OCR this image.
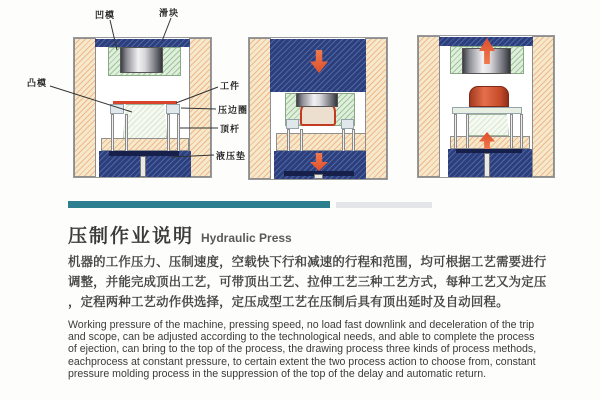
凹模	滑块
凸模	工件
压边圈
顶杆
液压垫
压制作业说明 Hydraulic Press
机器的工作压力、压制速度，空载快下行和减速的行程和范围，均可根据工艺需要进行
调整，并能完成顶出工艺，可带顶出工艺、拉伸工艺三种工艺方式，每种工艺又为定压
，定程两种工艺动作供选择，定压成型工艺在压制后具有顶出延时及自动回程。
Working pressure of the machine, pressing speed, no load fast downlink and deceleration of the trip
and scope, can be adjusted according to the technological needs, and able to complete the process
of ejection, can bring to the top of the process, the drawing process three kinds of process methods,
eachprocess at constant pressure, to certain extent the two process action to choose from, constant
pressure molding process in the suppression of the top of the delay and automatic return.
